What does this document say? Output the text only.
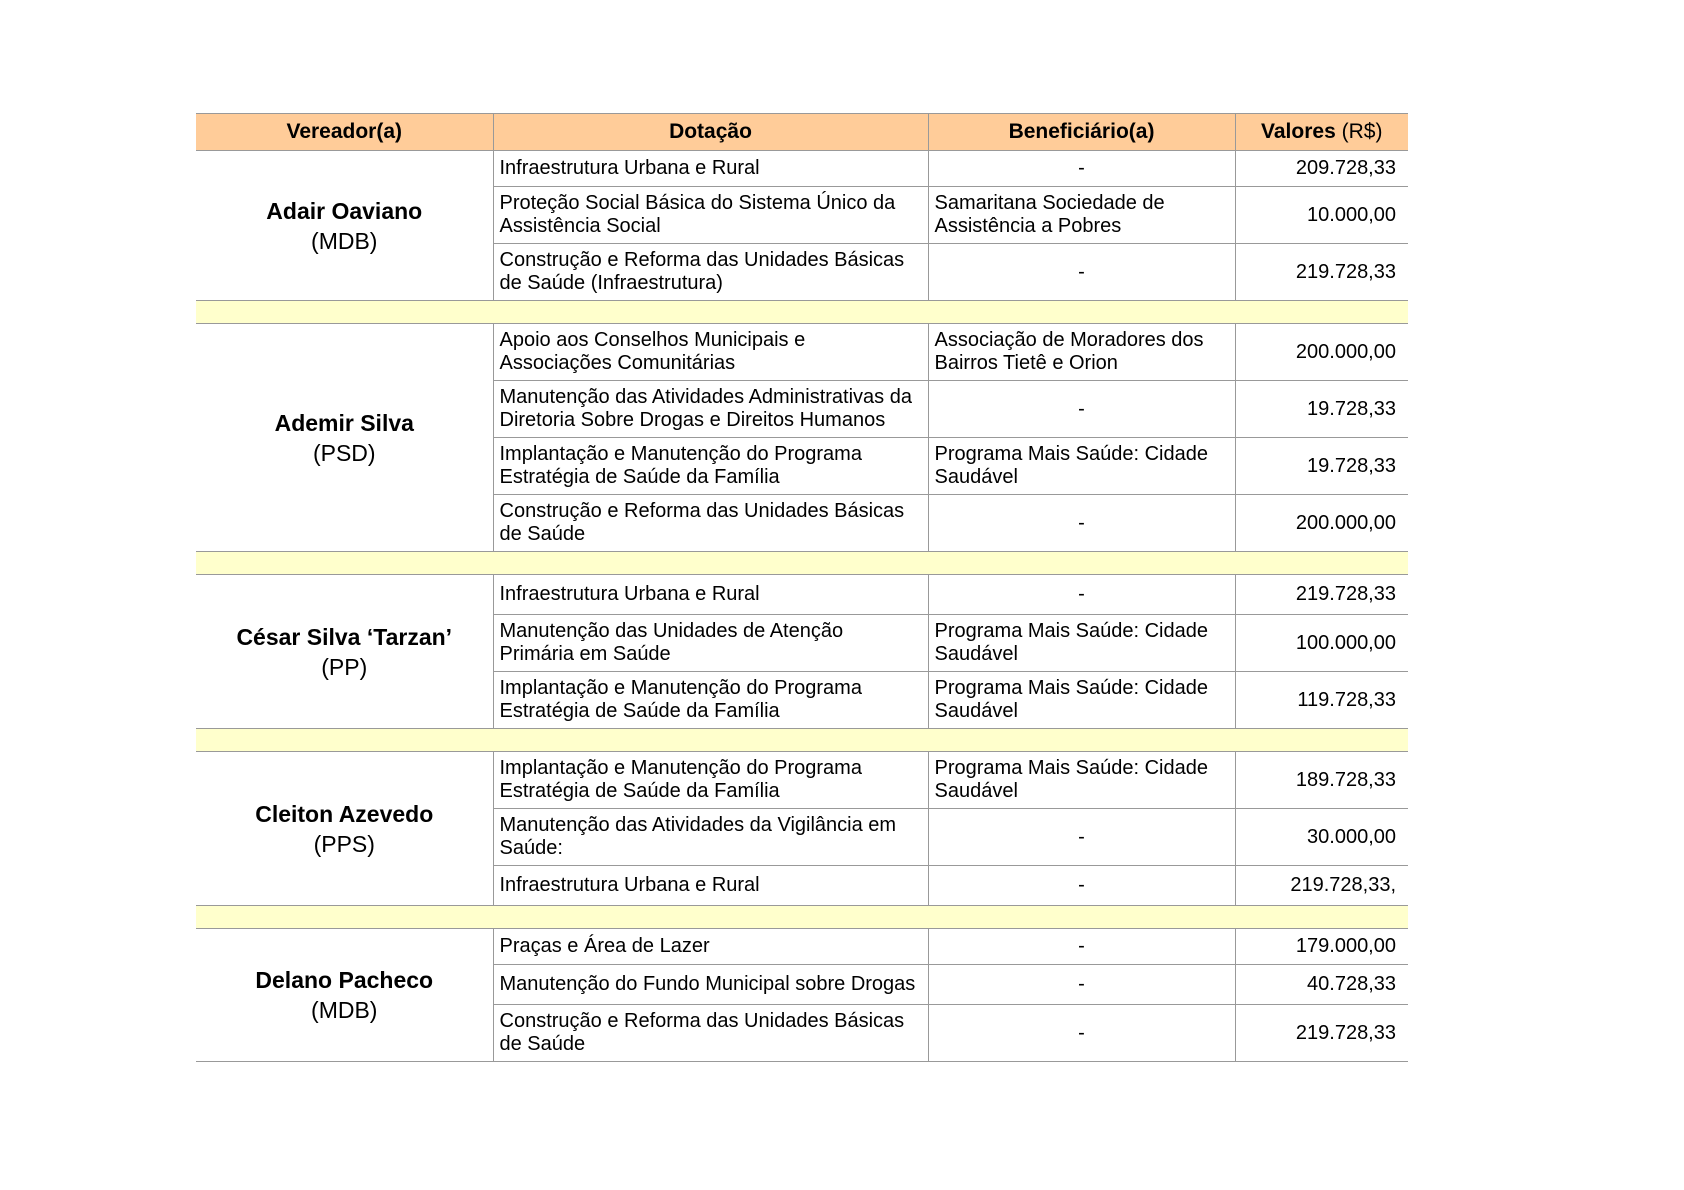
Vereador(a)	Dotação	Beneficiário(a)	Valores (R$)

Adair Oaviano
(MDB)	Infraestrutura Urbana e Rural	-	209.728,33
	Proteção Social Básica do Sistema Único da Assistência Social	Samaritana Sociedade de Assistência a Pobres	10.000,00
	Construção e Reforma das Unidades Básicas de Saúde (Infraestrutura)	-	219.728,33

Ademir Silva
(PSD)	Apoio aos Conselhos Municipais e Associações Comunitárias	Associação de Moradores dos Bairros Tietê e Orion	200.000,00
	Manutenção das Atividades Administrativas da Diretoria Sobre Drogas e Direitos Humanos	-	19.728,33
	Implantação e Manutenção do Programa Estratégia de Saúde da Família	Programa Mais Saúde: Cidade Saudável	19.728,33
	Construção e Reforma das Unidades Básicas de Saúde	-	200.000,00

César Silva ‘Tarzan’
(PP)	Infraestrutura Urbana e Rural	-	219.728,33
	Manutenção das Unidades de Atenção Primária em Saúde	Programa Mais Saúde: Cidade Saudável	100.000,00
	Implantação e Manutenção do Programa Estratégia de Saúde da Família	Programa Mais Saúde: Cidade Saudável	119.728,33

Cleiton Azevedo
(PPS)	Implantação e Manutenção do Programa Estratégia de Saúde da Família	Programa Mais Saúde: Cidade Saudável	189.728,33
	Manutenção das Atividades da Vigilância em Saúde:	-	30.000,00
	Infraestrutura Urbana e Rural	-	219.728,33,

Delano Pacheco
(MDB)	Praças e Área de Lazer	-	179.000,00
	Manutenção do Fundo Municipal sobre Drogas	-	40.728,33
	Construção e Reforma das Unidades Básicas de Saúde	-	219.728,33
